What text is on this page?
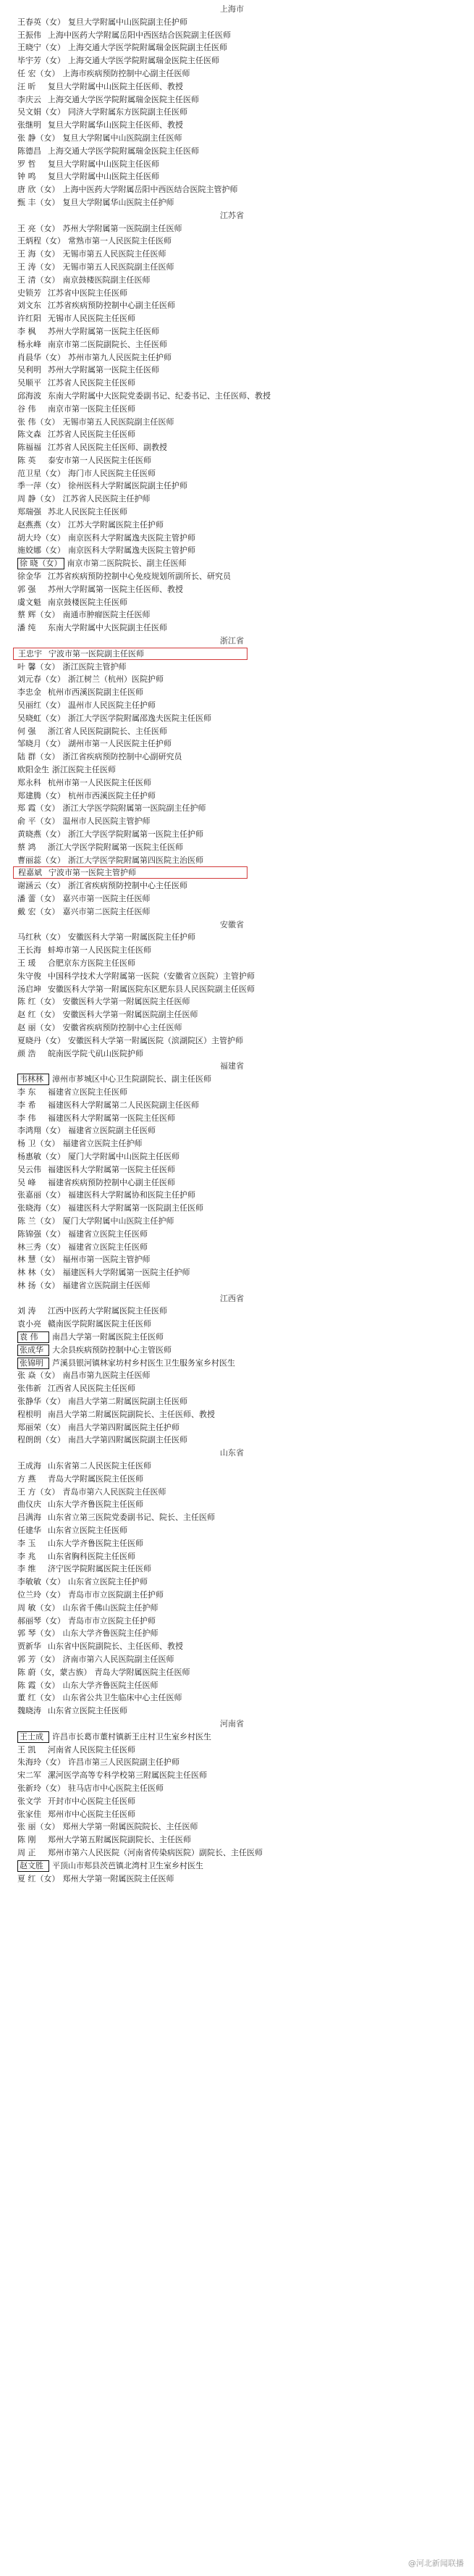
上海市
王春英（女） 复旦大学附属中山医院副主任护师
王振伟 上海中医药大学附属岳阳中西医结合医院副主任医师
王晓宁（女） 上海交通大学医学院附属瑞金医院副主任医师
毕宇芳（女） 上海交通大学医学院附属瑞金医院主任医师
任 宏（女） 上海市疾病预防控制中心副主任医师
汪 昕 复旦大学附属中山医院主任医师、教授
李庆云 上海交通大学医学院附属瑞金医院主任医师
吴文娟（女） 同济大学附属东方医院副主任医师
张继明 复旦大学附属华山医院主任医师、教授
张 静（女） 复旦大学附属中山医院副主任医师
陈德昌 上海交通大学医学院附属瑞金医院主任医师
罗 哲 复旦大学附属中山医院主任医师
钟 鸣 复旦大学附属中山医院主任医师
唐 欣（女） 上海中医药大学附属岳阳中西医结合医院主管护师
甄 丰（女） 复旦大学附属华山医院主任护师
江苏省
王 亮（女） 苏州大学附属第一医院副主任医师
王炳程（女） 常熟市第一人民医院主任医师
王 海（女） 无锡市第五人民医院主任医师
王 涛（女） 无锡市第五人民医院副主任医师
王 清（女） 南京鼓楼医院副主任医师
史锁芳 江苏省中医院主任医师
刘文东 江苏省疾病预防控制中心副主任医师
许红阳 无锡市人民医院主任医师
李 枫 苏州大学附属第一医院主任医师
杨永峰 南京市第二医院副院长、主任医师
肖晨华（女） 苏州市第九人民医院主任护师
吴利明 苏州大学附属第一医院主任医师
吴顺平 江苏省人民医院主任医师
邱海波 东南大学附属中大医院党委副书记、纪委书记、主任医师、教授
谷 伟 南京市第一医院主任医师
张 伟（女） 无锡市第五人民医院副主任医师
陈文森 江苏省人民医院主任医师
陈福福 江苏省人民医院主任医师、副教授
陈 英 泰安市第一人民医院主任医师
范卫星（女） 海门市人民医院主任医师
季一萍（女） 徐州医科大学附属医院副主任护师
周 静（女） 江苏省人民医院主任护师
郑瑞强 苏北人民医院主任医师
赵燕燕（女） 江苏大学附属医院主任护师
胡大玲（女） 南京医科大学附属逸夫医院主管护师
施姣娜（女） 南京医科大学附属逸夫医院主管护师
徐 晓（女） 南京市第二医院院长、副主任医师
徐金华 江苏省疾病预防控制中心免疫规划所副所长、研究员
郭 强 苏州大学附属第一医院主任医师、教授
虞文魁 南京鼓楼医院主任医师
蔡 辉（女） 南通市肿瘤医院主任医师
潘 纯 东南大学附属中大医院副主任医师
浙江省
王忠宇 宁波市第一医院副主任医师
叶 馨（女） 浙江医院主管护师
刘元春（女） 浙江树兰（杭州）医院护师
李忠金 杭州市西溪医院副主任医师
吴丽红（女） 温州市人民医院主任护师
吴晓虹（女） 浙江大学医学院附属邵逸夫医院主任医师
何 强 浙江省人民医院副院长、主任医师
邹晓月（女） 湖州市第一人民医院主任护师
陆 群（女） 浙江省疾病预防控制中心副研究员
欧阳金生 浙江医院主任医师
郑永科 杭州市第一人民医院主任医师
郑建腾（女） 杭州市西溪医院主任护师
郑 霞（女） 浙江大学医学院附属第一医院副主任护师
俞 平（女） 温州市人民医院主管护师
黄晓燕（女） 浙江大学医学院附属第一医院主任护师
蔡 鸿 浙江大学医学院附属第一医院主任医师
曹丽蕊（女） 浙江大学医学院附属第四医院主治医师
程嘉斌 宁波市第一医院主管护师
谢涵云（女） 浙江省疾病预防控制中心主任医师
潘 蕾（女） 嘉兴市第一医院主任医师
戴 宏（女） 嘉兴市第二医院主任医师
安徽省
马红秋（女） 安徽医科大学第一附属医院主任护师
王长海 蚌埠市第一人民医院主任医师
王 瑗 合肥京东方医院主任医师
朱守俊 中国科学技术大学附属第一医院（安徽省立医院）主管护师
汤启坤 安徽医科大学第一附属医院东区肥东县人民医院副主任医师
陈 红（女） 安徽医科大学第一附属医院主任医师
赵 红（女） 安徽医科大学第一附属医院副主任医师
赵 丽（女） 安徽省疾病预防控制中心主任医师
夏晓丹（女） 安徽医科大学第一附属医院（滨湖院区）主管护师
颜 浩 皖南医学院弋矶山医院护师
福建省
韦林林 漳州市芗城区中心卫生院副院长、副主任医师
李 东 福建省立医院主任医师
李 希 福建医科大学附属第二人民医院副主任医师
李 伟 福建医科大学附属第一医院主任医师
李鸿翔（女） 福建省立医院副主任医师
杨 卫（女） 福建省立医院主任护师
杨惠敏（女） 厦门大学附属中山医院主任医师
吴云伟 福建医科大学附属第一医院主任医师
吴 峰 福建省疾病预防控制中心副主任医师
张嘉丽（女） 福建医科大学附属协和医院主任护师
张晓海（女） 福建医科大学附属第一医院副主任医师
陈 兰（女） 厦门大学附属中山医院主任护师
陈锦强（女） 福建省立医院主任医师
林三秀（女） 福建省立医院主任医师
林 慧（女） 福州市第一医院主管护师
林 林（女） 福建医科大学附属第一医院主任护师
林 扬（女） 福建省立医院副主任医师
江西省
刘 涛 江西中医药大学附属医院主任医师
袁小亮 赣南医学院附属医院主任医师
袁 伟 南昌大学第一附属医院主任医师
张成华 大余县疾病预防控制中心主管医师
张锦明 芦溪县银河镇林家坊村乡村医生卫生服务室乡村医生
张 焱（女） 南昌市第九医院主任医师
张伟新 江西省人民医院主任医师
张静华（女） 南昌大学第二附属医院副主任医师
程根明 南昌大学第二附属医院副院长、主任医师、教授
郑丽荣（女） 南昌大学第四附属医院主任护师
程朗朗（女） 南昌大学第四附属医院副主任医师
山东省
王成海 山东省第二人民医院主任医师
方 燕 青岛大学附属医院主任医师
王 方（女） 青岛市第六人民医院主任医师
曲仪庆 山东大学齐鲁医院主任医师
吕满海 山东省立第三医院党委副书记、院长、主任医师
任建华 山东省立医院主任医师
李 玉 山东大学齐鲁医院主任医师
李 兆 山东省胸科医院主任医师
李 维 济宁医学院附属医院主任医师
李敏敏（女） 山东省立医院主任护师
位兰玲（女） 青岛市市立医院副主任护师
周 敏（女） 山东省千佛山医院主任护师
郝丽琴（女） 青岛市市立医院主任护师
郭 琴（女） 山东大学齐鲁医院主任护师
贾新华 山东省中医院副院长、主任医师、教授
郭 芳（女） 济南市第六人民医院副主任医师
陈 蔚（女，蒙古族） 青岛大学附属医院主任医师
陈 霞（女） 山东大学齐鲁医院主任医师
董 红（女） 山东省公共卫生临床中心主任医师
魏晓涛 山东省立医院主任医师
河南省
王士成 许昌市长葛市董村镇新王庄村卫生室乡村医生
王 凯 河南省人民医院主任医师
朱海玲（女） 许昌市第三人民医院副主任护师
宋二军 漯河医学高等专科学校第三附属医院主任医师
张新玲（女） 驻马店市中心医院主任医师
张文学 开封市中心医院主任医师
张家佳 郑州市中心医院主任医师
张 丽（女） 郑州大学第一附属医院院长、主任医师
陈 刚 郑州大学第五附属医院副院长、主任医师
周 正 郑州市第六人民医院（河南省传染病医院）副院长、主任医师
赵文胜 平顶山市郏县茨芭镇北湾村卫生室乡村医生
夏 红（女） 郑州大学第一附属医院主任医师
@河北新闻联播
